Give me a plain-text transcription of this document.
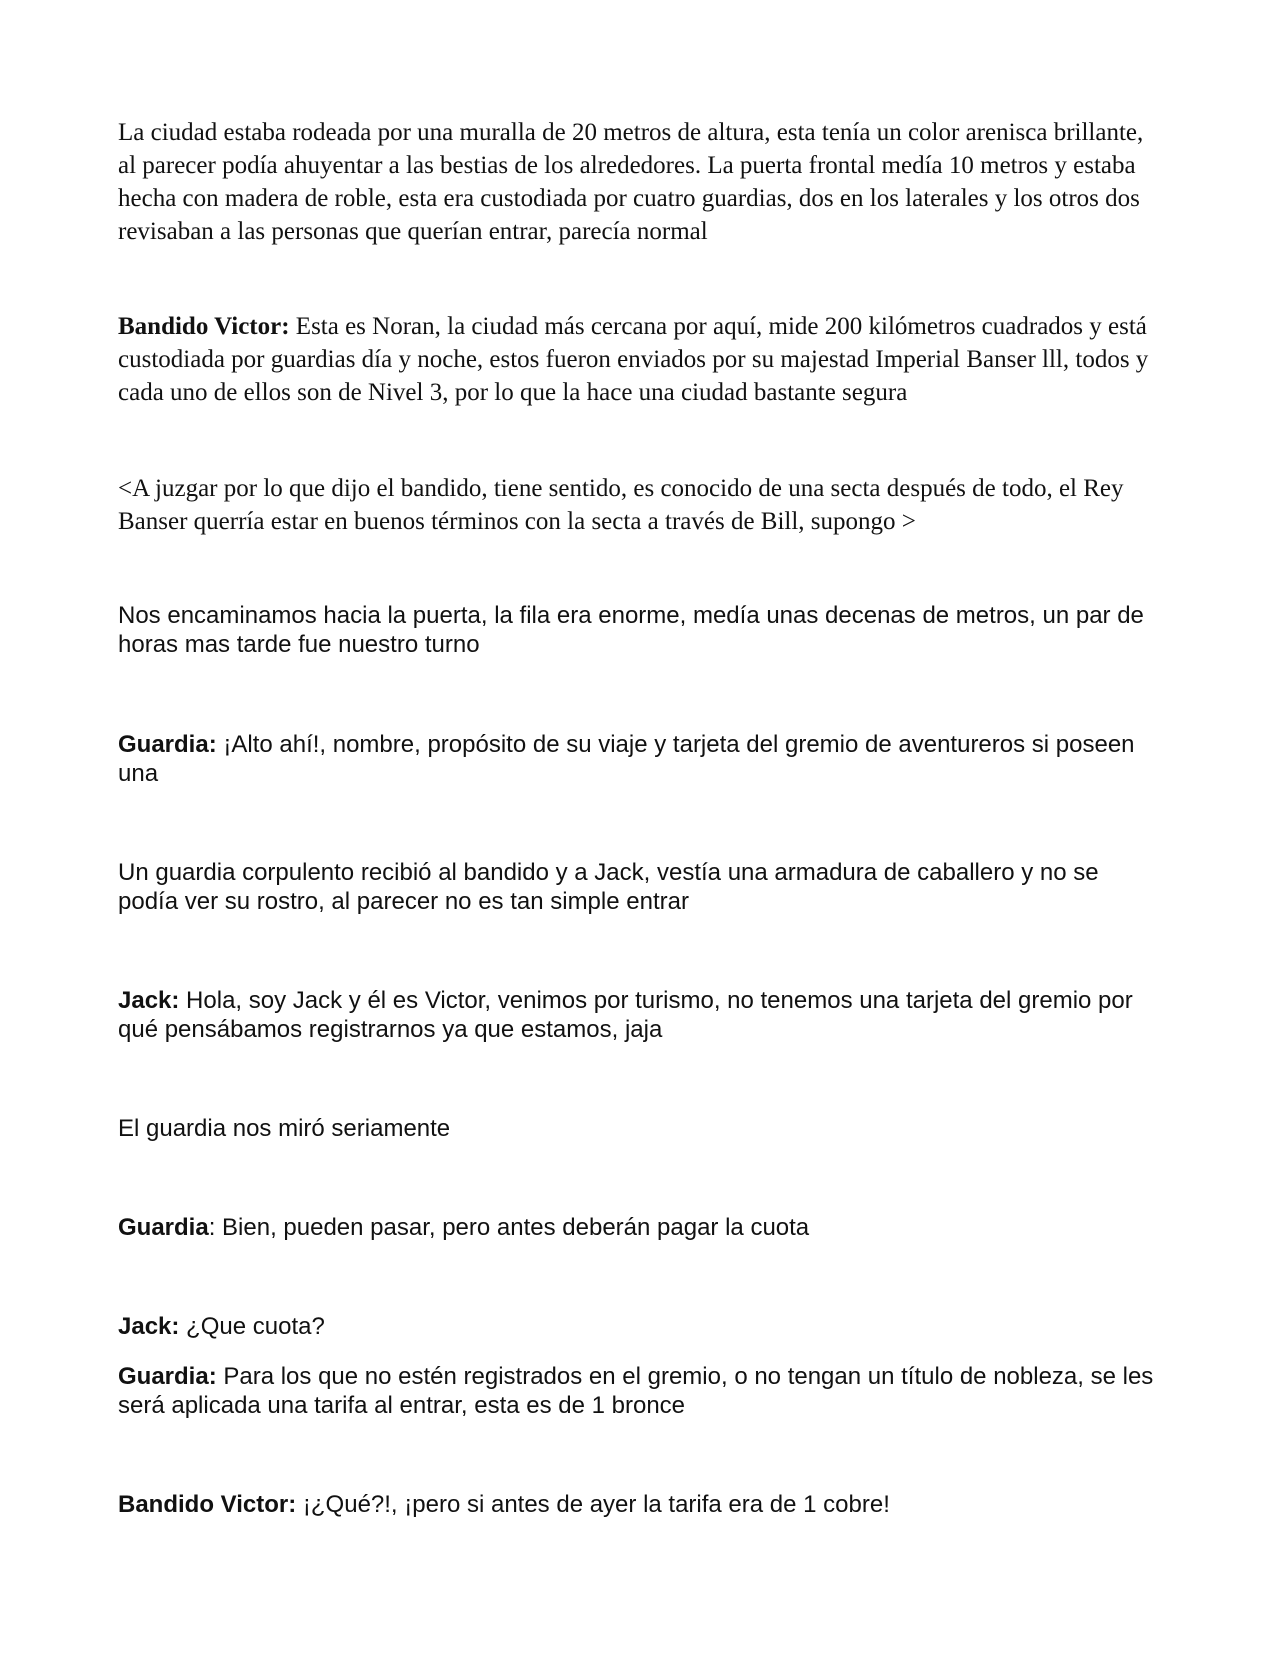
La ciudad estaba rodeada por una muralla de 20 metros de altura, esta tenía un color arenisca brillante, al parecer podía ahuyentar a las bestias de los alrededores. La puerta frontal medía 10 metros y estaba hecha con madera de roble, esta era custodiada por cuatro guardias, dos en los laterales y los otros dos revisaban a las personas que querían entrar, parecía normal

Bandido Victor: Esta es Noran, la ciudad más cercana por aquí, mide 200 kilómetros cuadrados y está custodiada por guardias día y noche, estos fueron enviados por su majestad Imperial Banser lll, todos y cada uno de ellos son de Nivel 3, por lo que la hace una ciudad bastante segura

<A juzgar por lo que dijo el bandido, tiene sentido, es conocido de una secta después de todo, el Rey Banser querría estar en buenos términos con la secta a través de Bill, supongo >

Nos encaminamos hacia la puerta, la fila era enorme, medía unas decenas de metros, un par de horas mas tarde fue nuestro turno

Guardia: ¡Alto ahí!, nombre, propósito de su viaje y tarjeta del gremio de aventureros si poseen una

Un guardia corpulento recibió al bandido y a Jack, vestía una armadura de caballero y no se podía ver su rostro, al parecer no es tan simple entrar

Jack: Hola, soy Jack y él es Victor, venimos por turismo, no tenemos una tarjeta del gremio por qué pensábamos registrarnos ya que estamos, jaja

El guardia nos miró seriamente

Guardia: Bien, pueden pasar, pero antes deberán pagar la cuota

Jack: ¿Que cuota?

Guardia: Para los que no estén registrados en el gremio, o no tengan un título de nobleza, se les será aplicada una tarifa al entrar, esta es de 1 bronce

Bandido Victor: ¡¿Qué?!, ¡pero si antes de ayer la tarifa era de 1 cobre!
